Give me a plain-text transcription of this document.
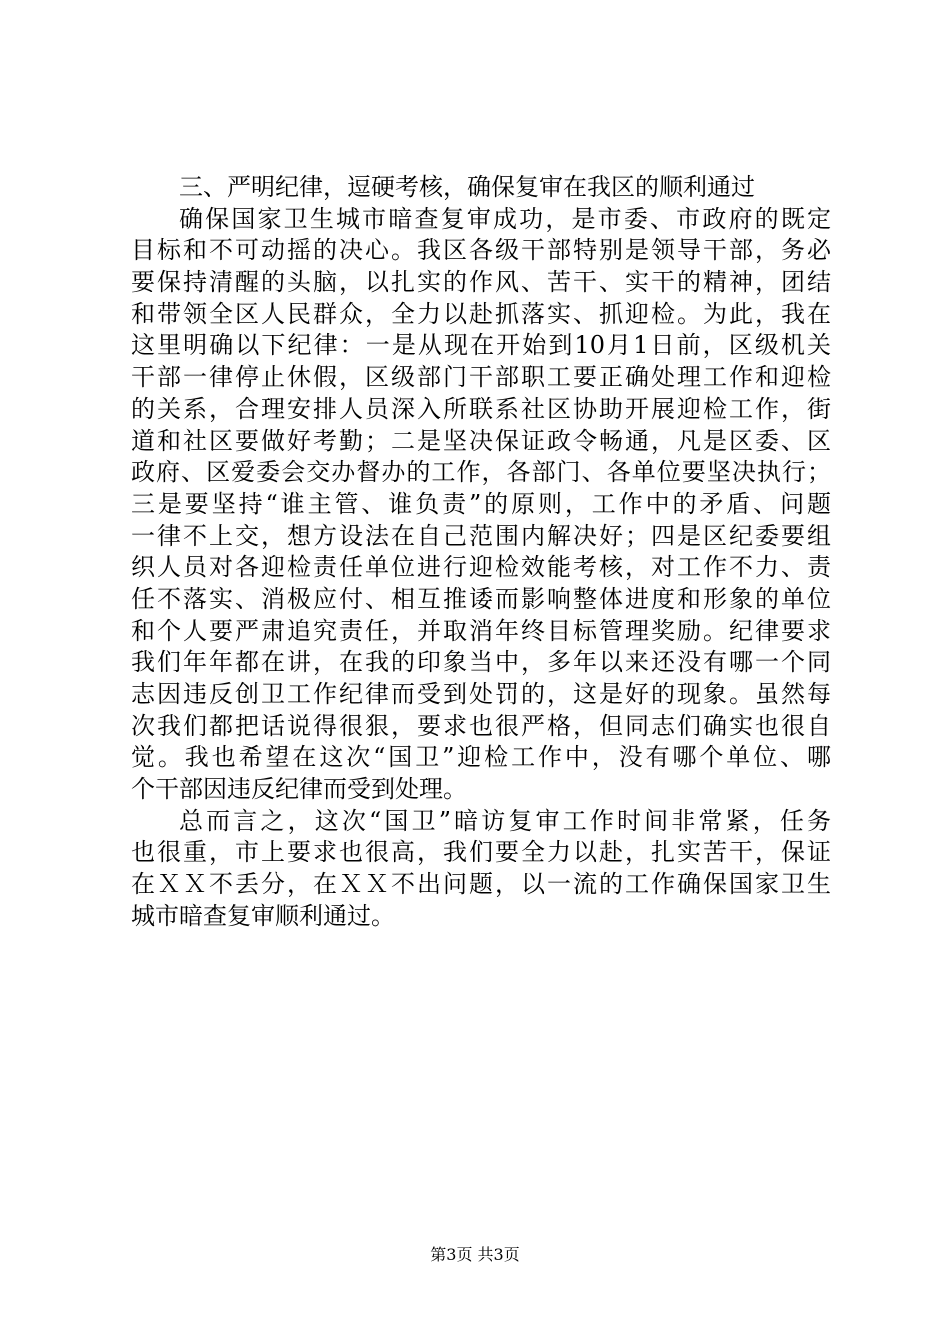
三、严明纪律，逗硬考核，确保复审在我区的顺利通过
确保国家卫生城市暗查复审成功，是市委、市政府的既定
目标和不可动摇的决心。我区各级干部特别是领导干部，务必
要保持清醒的头脑，以扎实的作风、苦干、实干的精神，团结
和带领全区人民群众，全力以赴抓落实、抓迎检。为此，我在
这里明确以下纪律：一是从现在开始到10月1日前，区级机关
干部一律停止休假，区级部门干部职工要正确处理工作和迎检
的关系，合理安排人员深入所联系社区协助开展迎检工作，街
道和社区要做好考勤；二是坚决保证政令畅通，凡是区委、区
政府、区爱委会交办督办的工作，各部门、各单位要坚决执行；
三是要坚持“谁主管、谁负责”的原则，工作中的矛盾、问题
一律不上交，想方设法在自己范围内解决好；四是区纪委要组
织人员对各迎检责任单位进行迎检效能考核，对工作不力、责
任不落实、消极应付、相互推诿而影响整体进度和形象的单位
和个人要严肃追究责任，并取消年终目标管理奖励。纪律要求
我们年年都在讲，在我的印象当中，多年以来还没有哪一个同
志因违反创卫工作纪律而受到处罚的，这是好的现象。虽然每
次我们都把话说得很狠，要求也很严格，但同志们确实也很自
觉。我也希望在这次“国卫”迎检工作中，没有哪个单位、哪
个干部因违反纪律而受到处理。
总而言之，这次“国卫”暗访复审工作时间非常紧，任务
也很重，市上要求也很高，我们要全力以赴，扎实苦干，保证
在ＸＸ不丢分，在ＸＸ不出问题，以一流的工作确保国家卫生
城市暗查复审顺利通过。
第3页 共3页
